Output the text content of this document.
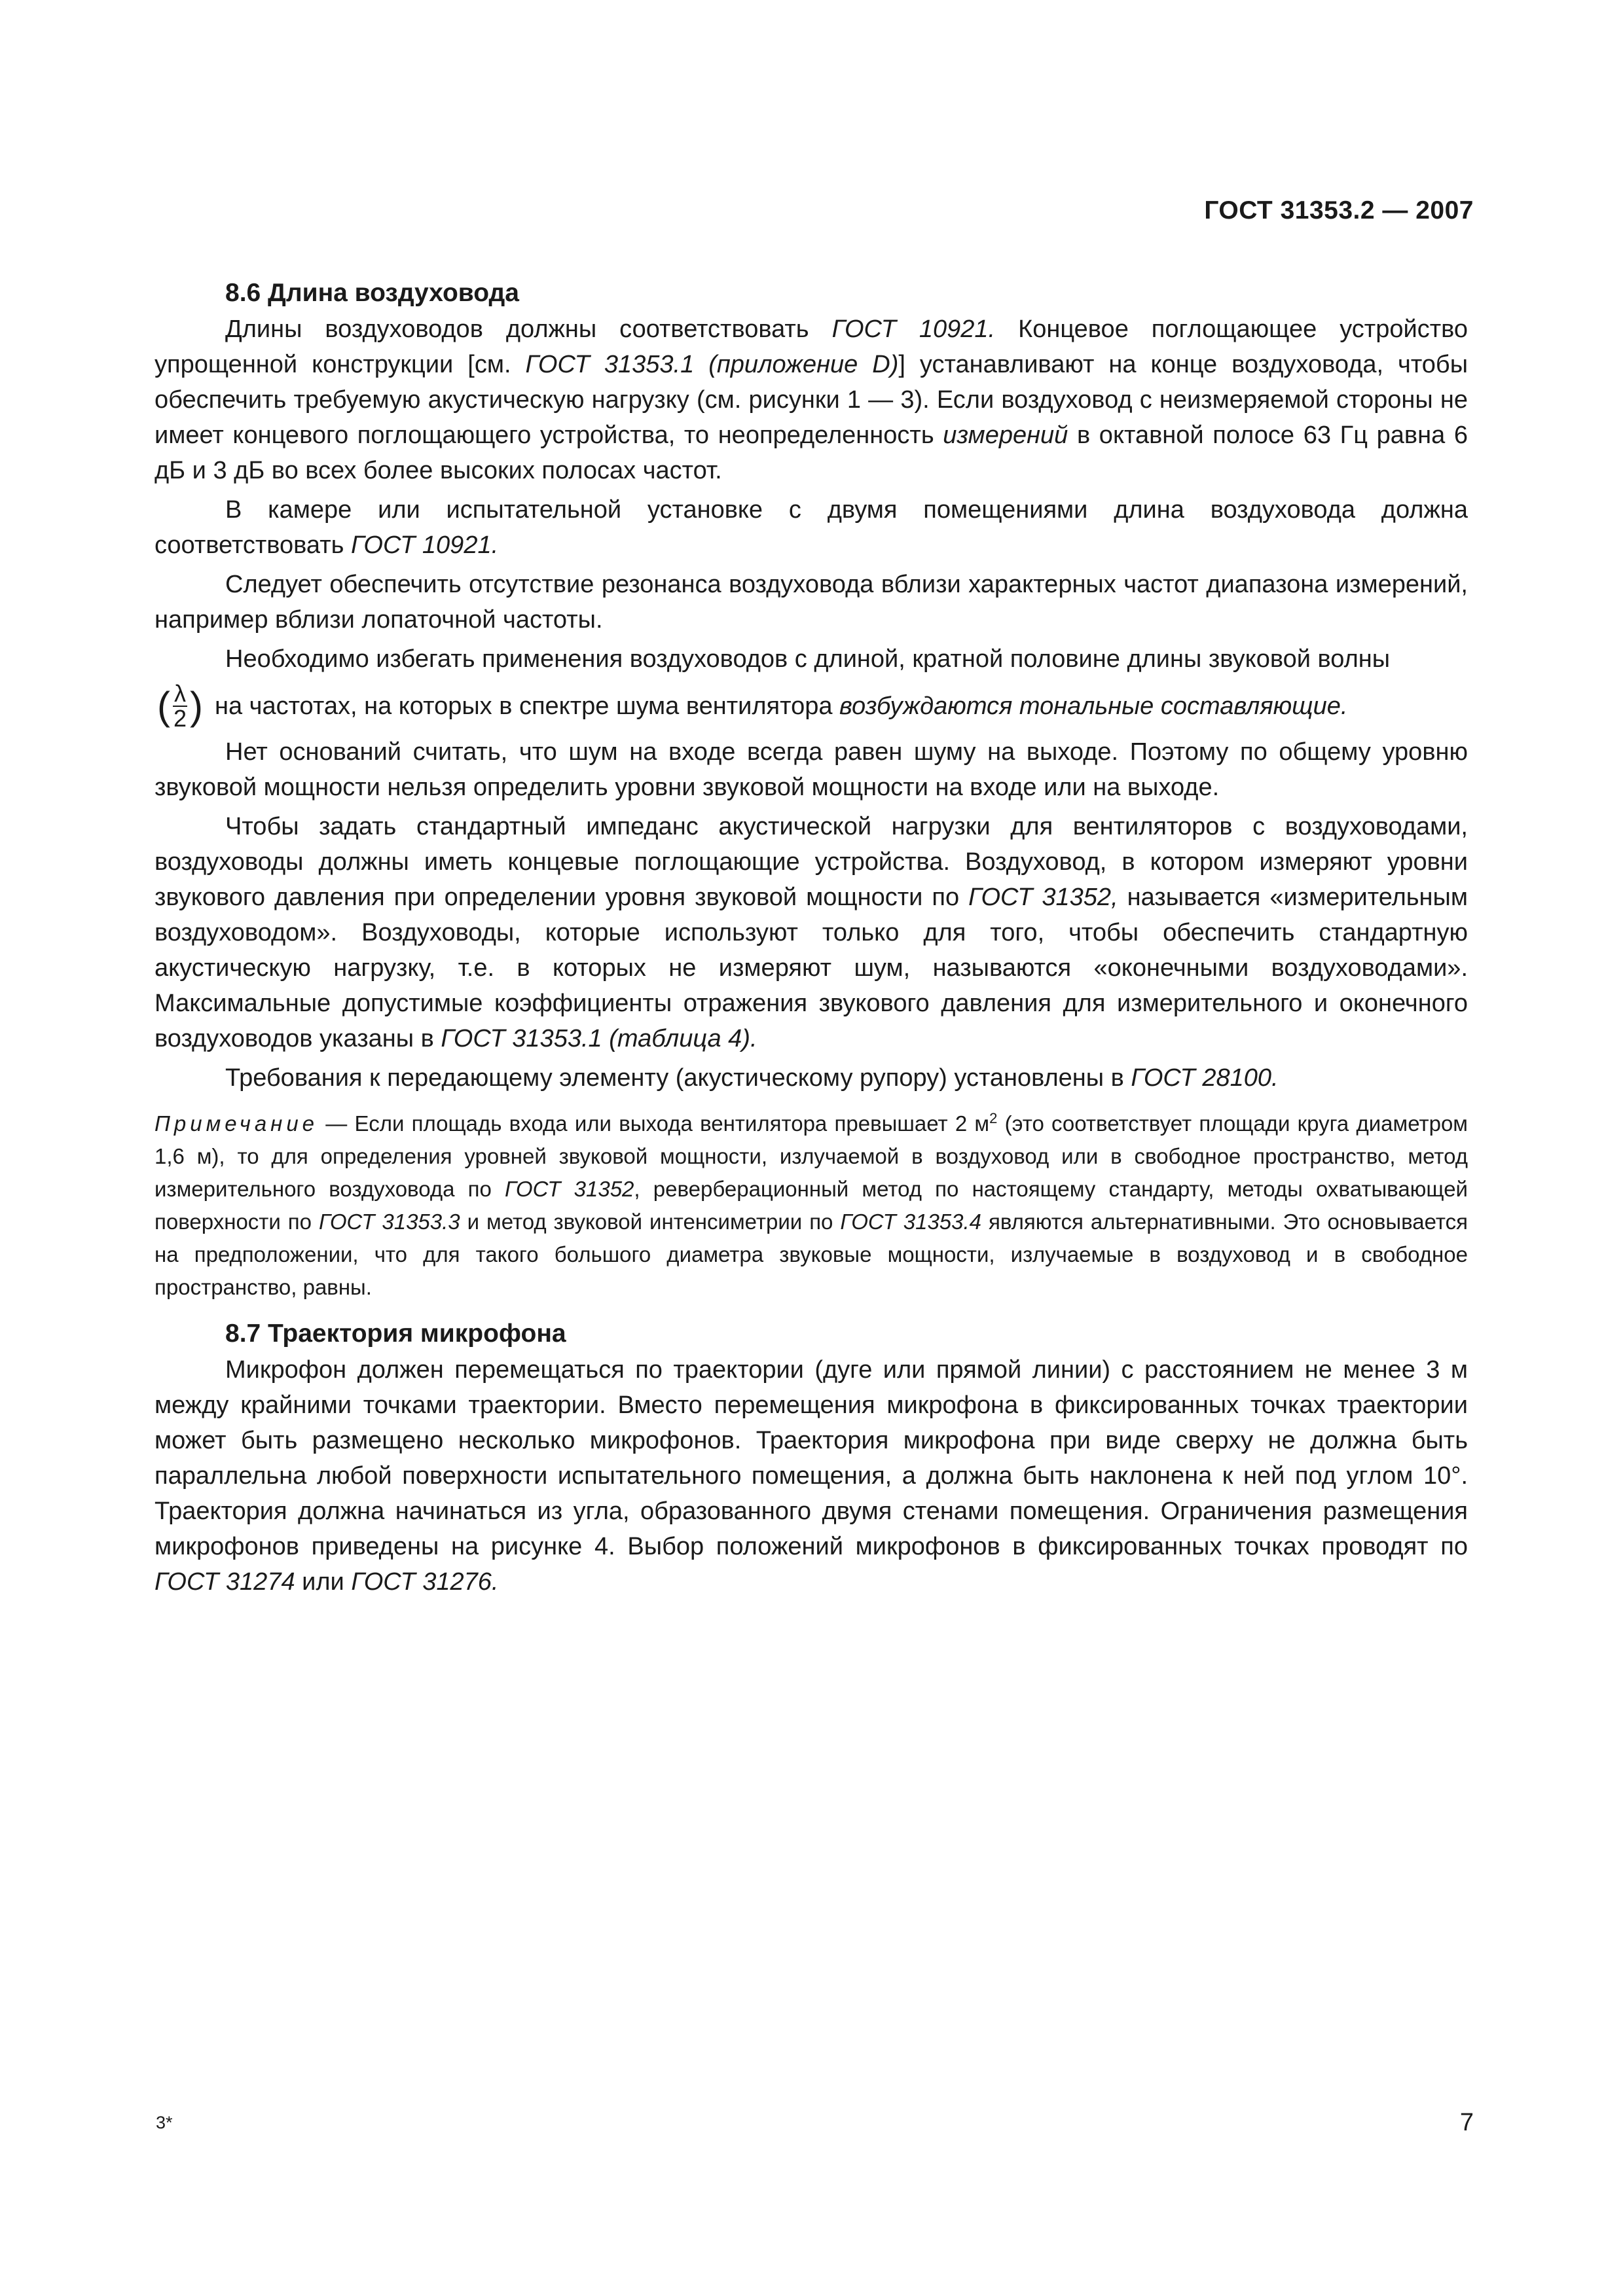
ГОСТ 31353.2 — 2007
8.6 Длина воздуховода

Длины воздуховодов должны соответствовать ГОСТ 10921. Концевое поглощающее устройство упрощенной конструкции [см. ГОСТ 31353.1 (приложение D)] устанавливают на конце воздуховода, чтобы обеспечить требуемую акустическую нагрузку (см. рисунки 1 — 3). Если воздуховод с неизмеряемой стороны не имеет концевого поглощающего устройства, то неопределенность измерений в октавной полосе 63 Гц равна 6 дБ и 3 дБ во всех более высоких полосах частот.

В камере или испытательной установке с двумя помещениями длина воздуховода должна соответствовать ГОСТ 10921.

Следует обеспечить отсутствие резонанса воздуховода вблизи характерных частот диапазона измерений, например вблизи лопаточной частоты.

Необходимо избегать применения воздуховодов с длиной, кратной половине длины звуковой волны

( $\frac{\lambda}{2}$ ) на частотах, на которых в спектре шума вентилятора возбуждаются тональные составляющие.

Нет оснований считать, что шум на входе всегда равен шуму на выходе. Поэтому по общему уровню звуковой мощности нельзя определить уровни звуковой мощности на входе или на выходе.

Чтобы задать стандартный импеданс акустической нагрузки для вентиляторов с воздуховодами, воздуховоды должны иметь концевые поглощающие устройства. Воздуховод, в котором измеряют уровни звукового давления при определении уровня звуковой мощности по ГОСТ 31352, называется «измерительным воздуховодом». Воздуховоды, которые используют только для того, чтобы обеспечить стандартную акустическую нагрузку, т.е. в которых не измеряют шум, называются «оконечными воздуховодами». Максимальные допустимые коэффициенты отражения звукового давления для измерительного и оконечного воздуховодов указаны в ГОСТ 31353.1 (таблица 4).

Требования к передающему элементу (акустическому рупору) установлены в ГОСТ 28100.

Примечание — Если площадь входа или выхода вентилятора превышает 2 $м^2$ (это соответствует площади круга диаметром 1,6 м), то для определения уровней звуковой мощности, излучаемой в воздуховод или в свободное пространство, метод измерительного воздуховода по ГОСТ 31352, реверберационный метод по настоящему стандарту, методы охватывающей поверхности по ГОСТ 31353.3 и метод звуковой интенсиметрии по ГОСТ 31353.4 являются альтернативными. Это основывается на предположении, что для такого большого диаметра звуковые мощности, излучаемые в воздуховод и в свободное пространство, равны.
8.7 Траектория микрофона

Микрофон должен перемещаться по траектории (дуге или прямой линии) с расстоянием не менее 3 м между крайними точками траектории. Вместо перемещения микрофона в фиксированных точках траектории может быть размещено несколько микрофонов. Траектория микрофона при виде сверху не должна быть параллельна любой поверхности испытательного помещения, а должна быть наклонена к ней под углом 10°. Траектория должна начинаться из угла, образованного двумя стенами помещения. Ограничения размещения микрофонов приведены на рисунке 4. Выбор положений микрофонов в фиксированных точках проводят по ГОСТ 31274 или ГОСТ 31276.

3*	7
